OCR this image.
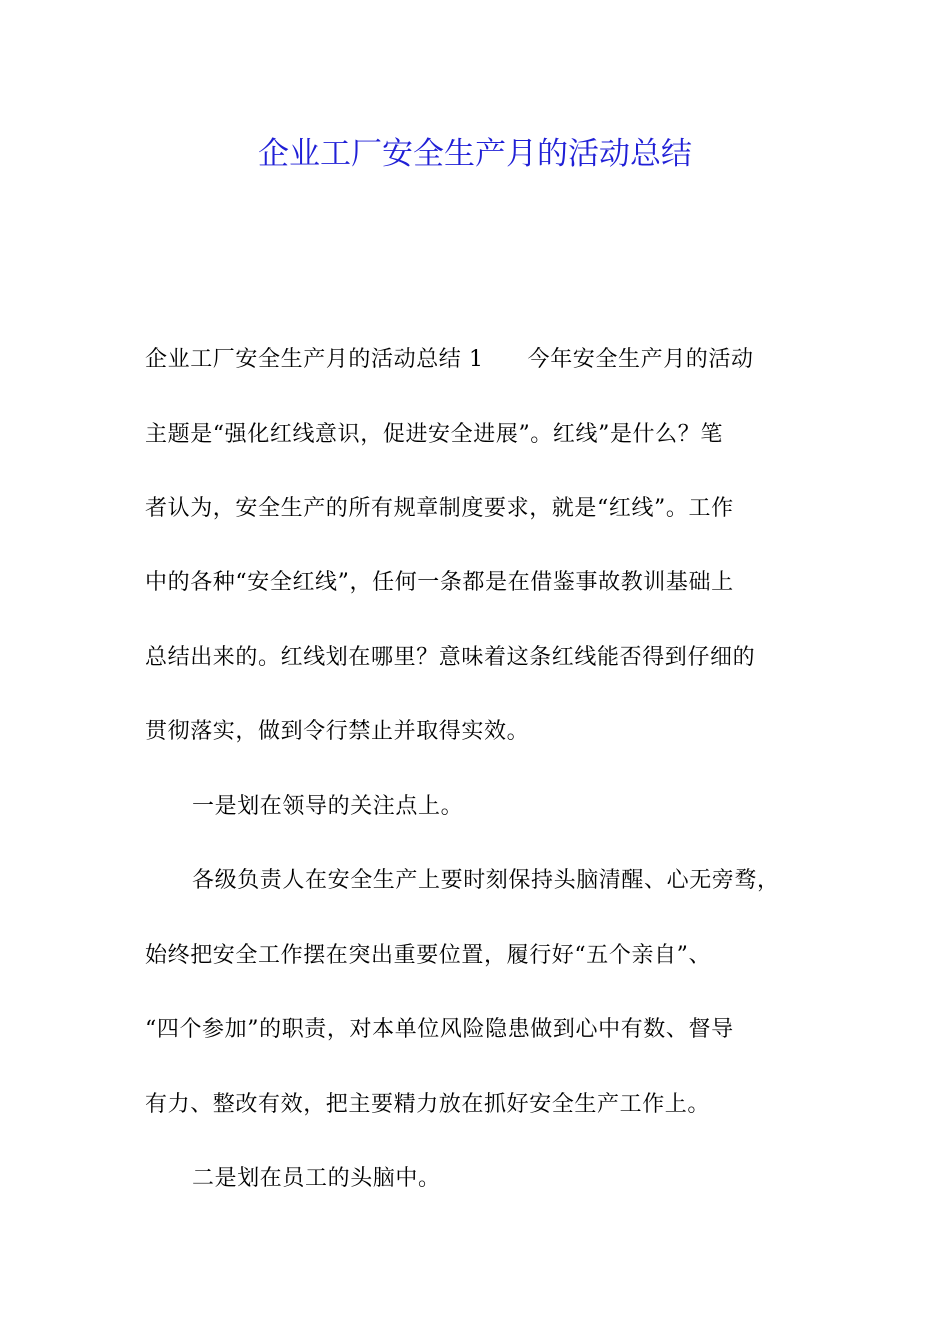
企业工厂安全生产月的活动总结
企业工厂安全生产月的活动总结 1 今年安全生产月的活动
主题是“强化红线意识，促进安全进展”。红线”是什么？笔
者认为，安全生产的所有规章制度要求，就是“红线”。工作
中的各种“安全红线”，任何一条都是在借鉴事故教训基础上
总结出来的。红线划在哪里？意味着这条红线能否得到仔细的
贯彻落实，做到令行禁止并取得实效。
一是划在领导的关注点上。
各级负责人在安全生产上要时刻保持头脑清醒、心无旁骛，
始终把安全工作摆在突出重要位置，履行好“五个亲自”、
“四个参加”的职责，对本单位风险隐患做到心中有数、督导
有力、整改有效，把主要精力放在抓好安全生产工作上。
二是划在员工的头脑中。
